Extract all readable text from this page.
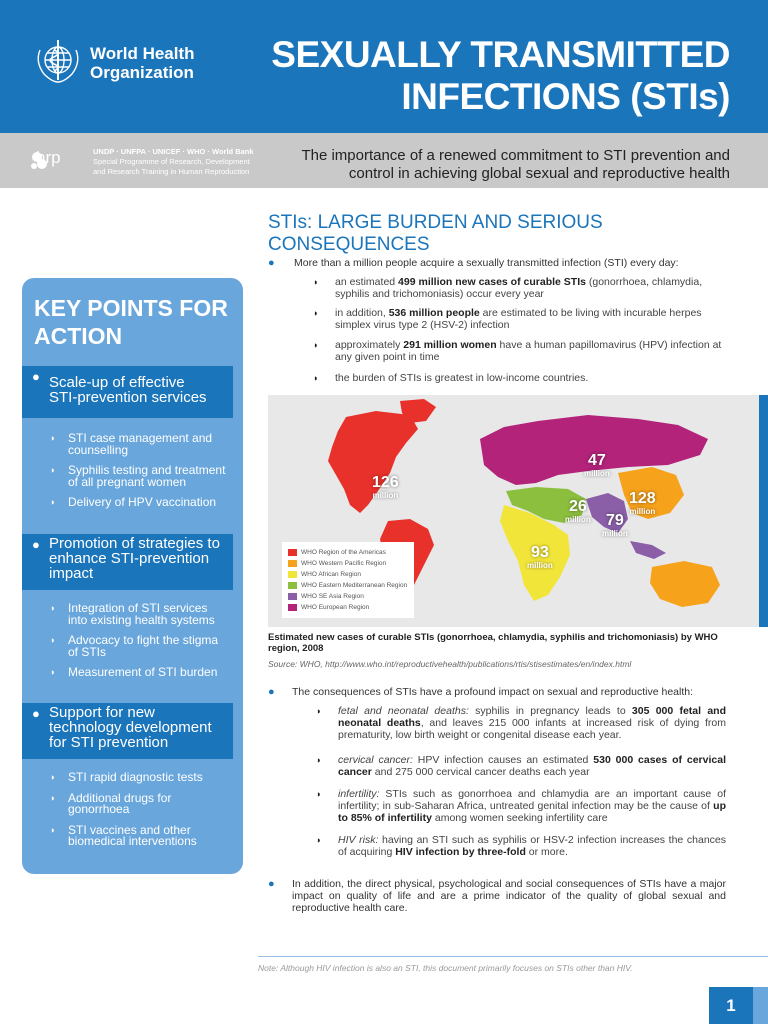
World Health
Organization SEXUALLY TRANSMITTED
INFECTIONS (STIs)
hrp	UNDP · UNFPA · UNICEF · WHO · World Bank
Special Programme of Research, Development
and Research Training in Human Reproduction
The importance of a renewed commitment to STI prevention and control in achieving global sexual and reproductive health
KEY POINTS FOR
ACTION
● Scale-up of effective
STI-prevention services
◗ STI case management and counselling
◗ Syphilis testing and treatment of all pregnant women
◗ Delivery of HPV vaccination
● Promotion of strategies to
enhance STI-prevention
impact
◗ Integration of STI services into existing health systems
◗ Advocacy to fight the stigma of STIs
◗ Measurement of STI burden
● Support for new
technology development
for STI prevention
◗ STI rapid diagnostic tests
◗ Additional drugs for gonorrhoea
◗ STI vaccines and other biomedical interventions
STIs: LARGE BURDEN AND SERIOUS CONSEQUENCES
● More than a million people acquire a sexually transmitted infection (STI) every day:
◗ an estimated 499 million new cases of curable STIs (gonorrhoea, chlamydia, syphilis and trichomoniasis) occur every year
◗ in addition, 536 million people are estimated to be living with incurable herpes simplex virus type 2 (HSV-2) infection
◗ approximately 291 million women have a human papillomavirus (HPV) infection at any given point in time
◗ the burden of STIs is greatest in low-income countries.
126
million
47
million
26
million
128
million
79
million
93
million
WHO Region of the Americas
WHO Western Pacific Region
WHO African Region
WHO Eastern Mediterranean Region
WHO SE Asia Region
WHO European Region
Estimated new cases of curable STIs (gonorrhoea, chlamydia, syphilis and trichomoniasis) by WHO region, 2008
Source: WHO, http://www.who.int/reproductivehealth/publications/rtis/stisestimates/en/index.html
● The consequences of STIs have a profound impact on sexual and reproductive health:
◗ fetal and neonatal deaths: syphilis in pregnancy leads to 305 000 fetal and neonatal deaths, and leaves 215 000 infants at increased risk of dying from prematurity, low birth weight or congenital disease each year.
◗ cervical cancer: HPV infection causes an estimated 530 000 cases of cervical cancer and 275 000 cervical cancer deaths each year
◗ infertility: STIs such as gonorrhoea and chlamydia are an important cause of infertility; in sub-Saharan Africa, untreated genital infection may be the cause of up to 85% of infertility among women seeking infertility care
◗ HIV risk: having an STI such as syphilis or HSV-2 infection increases the chances of acquiring HIV infection by three-fold or more.
● In addition, the direct physical, psychological and social consequences of STIs have a major impact on quality of life and are a prime indicator of the quality of global sexual and reproductive health care.
Note: Although HIV infection is also an STI, this document primarily focuses on STIs other than HIV.
1
